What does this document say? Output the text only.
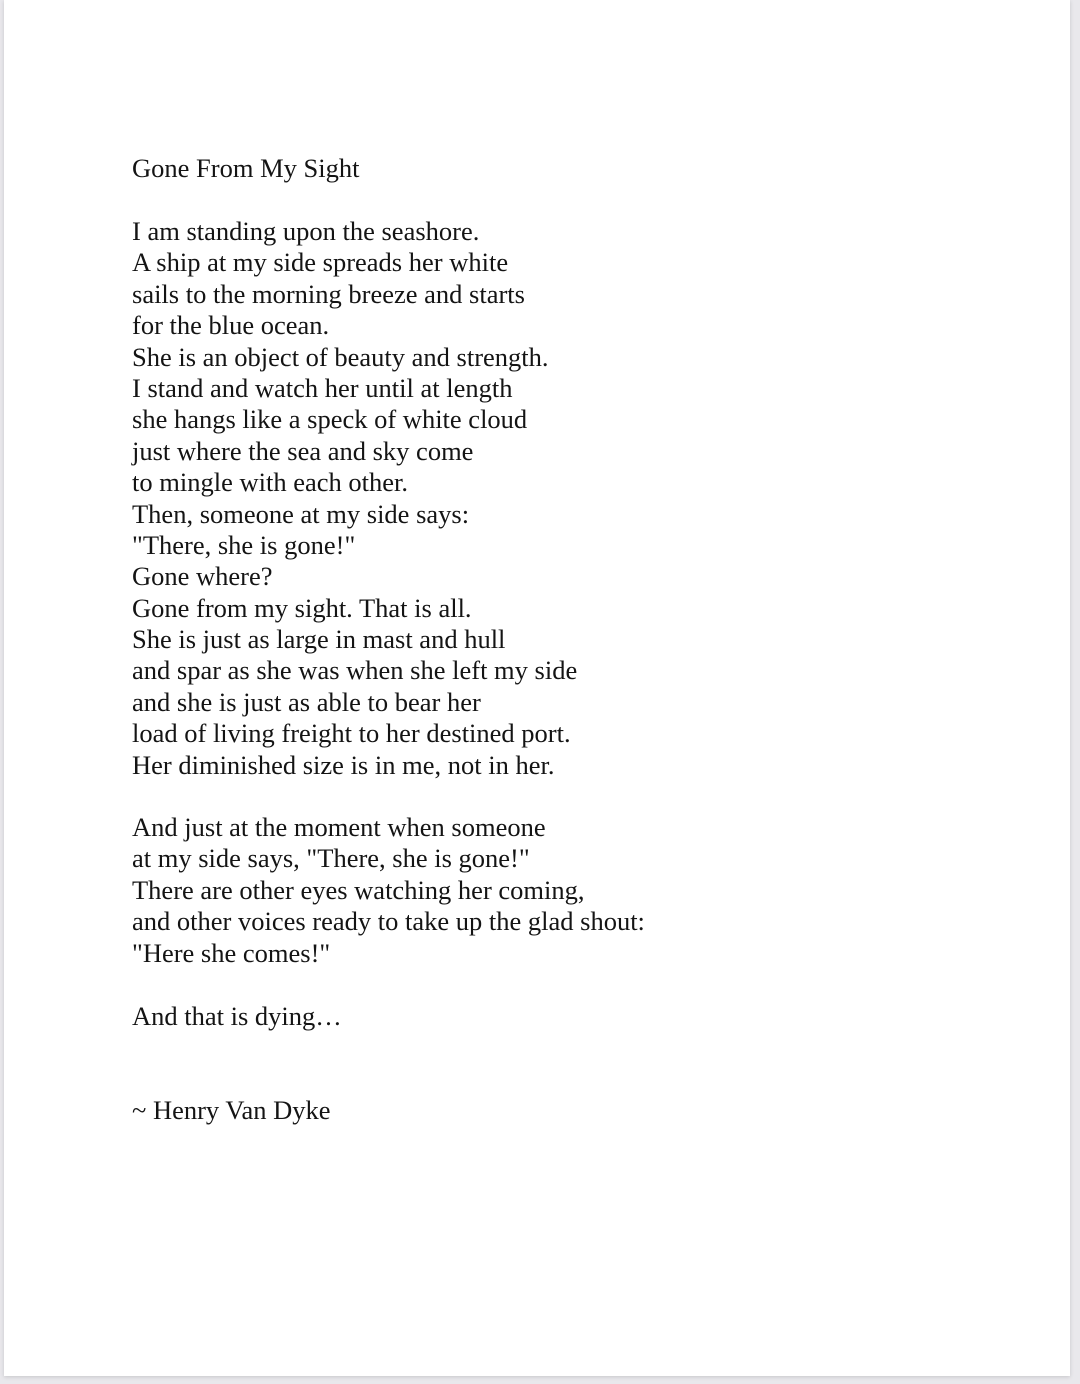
Gone From My Sight
I am standing upon the seashore.
A ship at my side spreads her white
sails to the morning breeze and starts
for the blue ocean.
She is an object of beauty and strength.
I stand and watch her until at length
she hangs like a speck of white cloud
just where the sea and sky come
to mingle with each other.
Then, someone at my side says:
"There, she is gone!"
Gone where?
Gone from my sight. That is all.
She is just as large in mast and hull
and spar as she was when she left my side
and she is just as able to bear her
load of living freight to her destined port.
Her diminished size is in me, not in her.
And just at the moment when someone
at my side says, "There, she is gone!"
There are other eyes watching her coming,
and other voices ready to take up the glad shout:
"Here she comes!"
And that is dying…
~ Henry Van Dyke
